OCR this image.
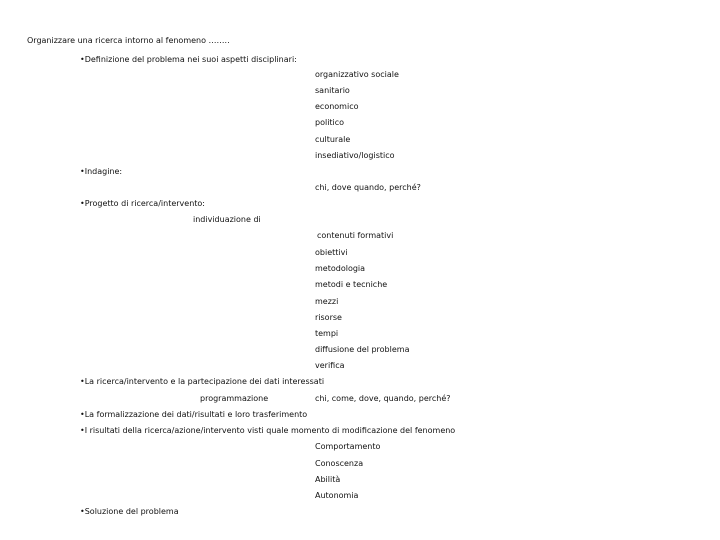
Organizzare una ricerca intorno al fenomeno ……..
•Definizione del problema nei suoi aspetti disciplinari:
organizzativo sociale
sanitario
economico
politico
culturale
insediativo/logistico
•Indagine:
chi, dove quando, perché?
•Progetto di ricerca/intervento:
individuazione di
contenuti formativi
obiettivi
metodologia
metodi e tecniche
mezzi
risorse
tempi
diffusione del problema
verifica
•La ricerca/intervento e la partecipazione dei dati interessati
programmazione	chi, come, dove, quando, perché?
•La formalizzazione dei dati/risultati e loro trasferimento
•I risultati della ricerca/azione/intervento visti quale momento di modificazione del fenomeno
Comportamento
Conoscenza
Abilità
Autonomia
•Soluzione del problema
